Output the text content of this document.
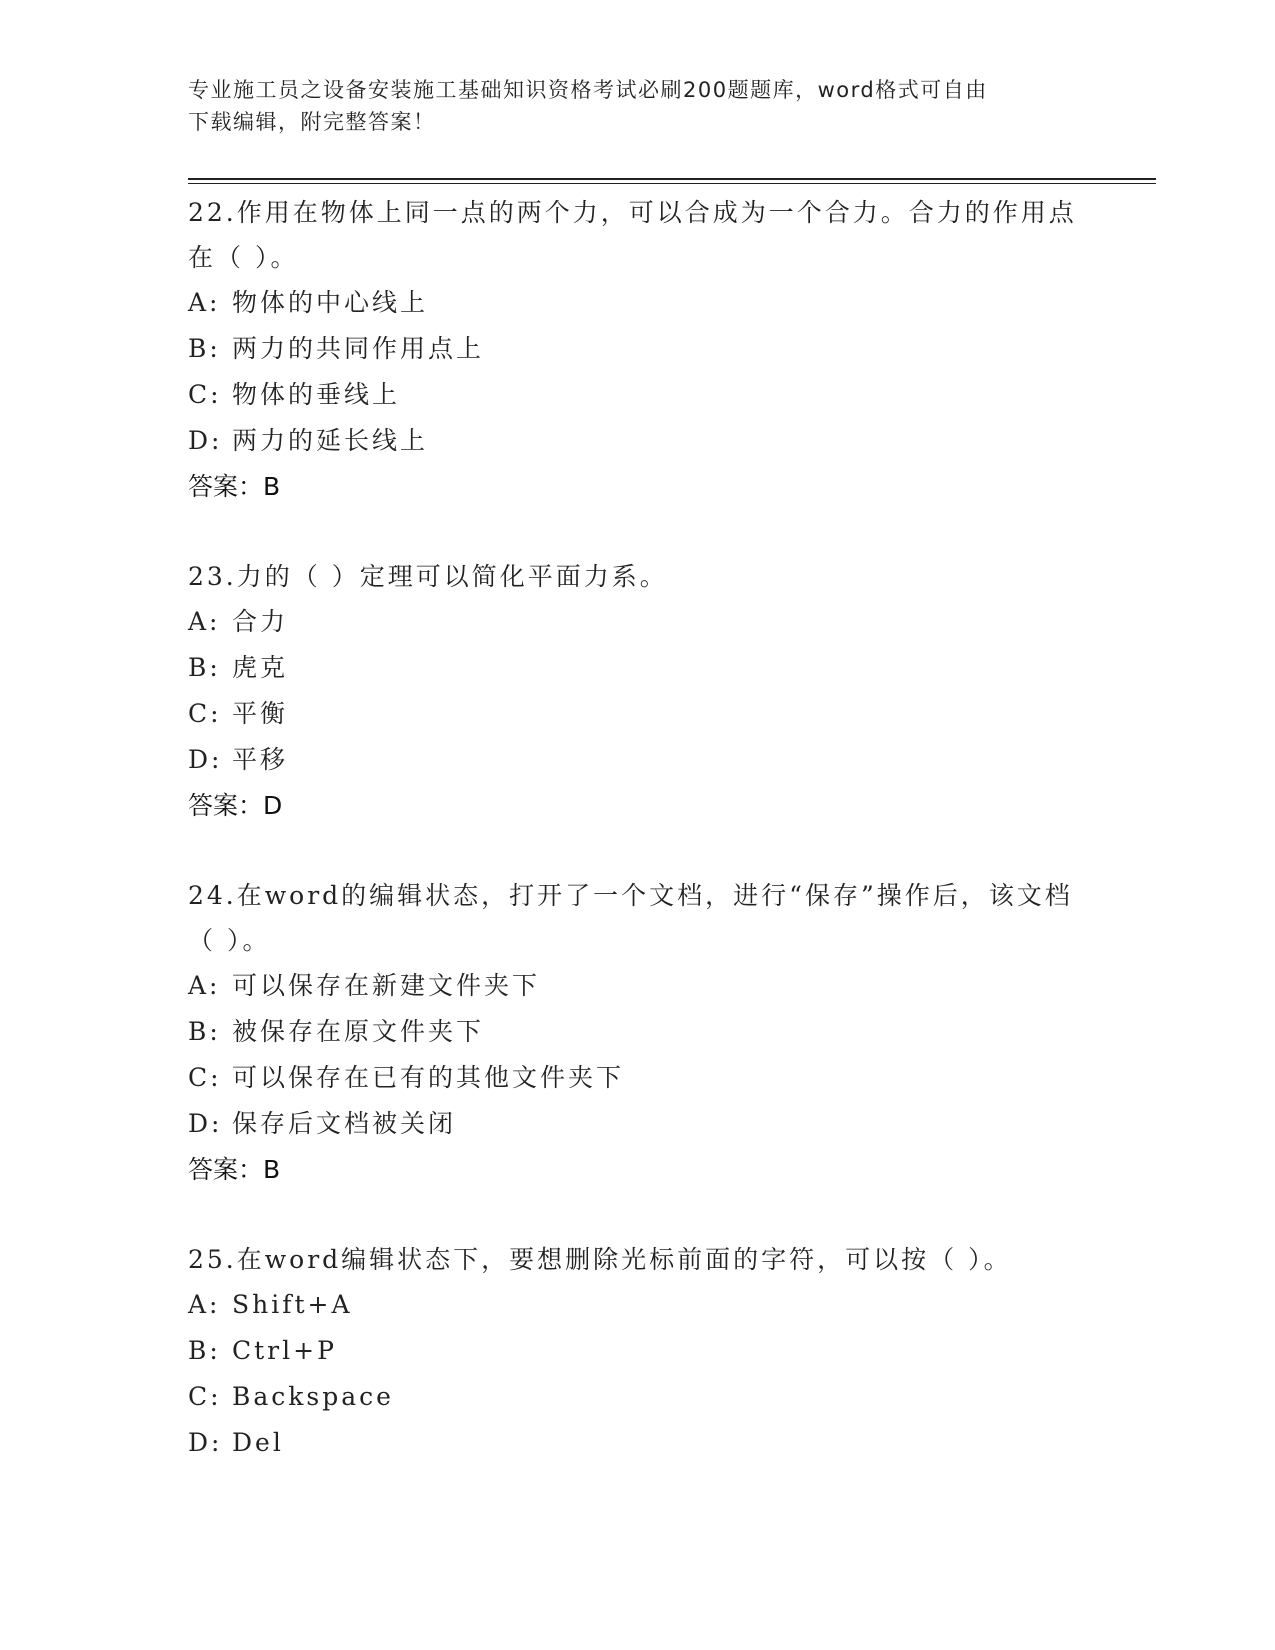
专业施工员之设备安装施工基础知识资格考试必刷200题题库，word格式可自由
下载编辑，附完整答案！

22.作用在物体上同一点的两个力，可以合成为一个合力。合力的作用点在（ ）。

A: 物体的中心线上

B: 两力的共同作用点上

C: 物体的垂线上

D: 两力的延长线上

答案：B

23.力的（ ）定理可以简化平面力系。

A: 合力

B: 虎克

C: 平衡

D: 平移

答案：D

24.在word的编辑状态，打开了一个文档，进行“保存”操作后，该文档（ ）。

A: 可以保存在新建文件夹下

B: 被保存在原文件夹下

C: 可以保存在已有的其他文件夹下

D: 保存后文档被关闭

答案：B

25.在word编辑状态下，要想删除光标前面的字符，可以按（ ）。

A: Shift+A

B: Ctrl+P

C: Backspace

D: Del
